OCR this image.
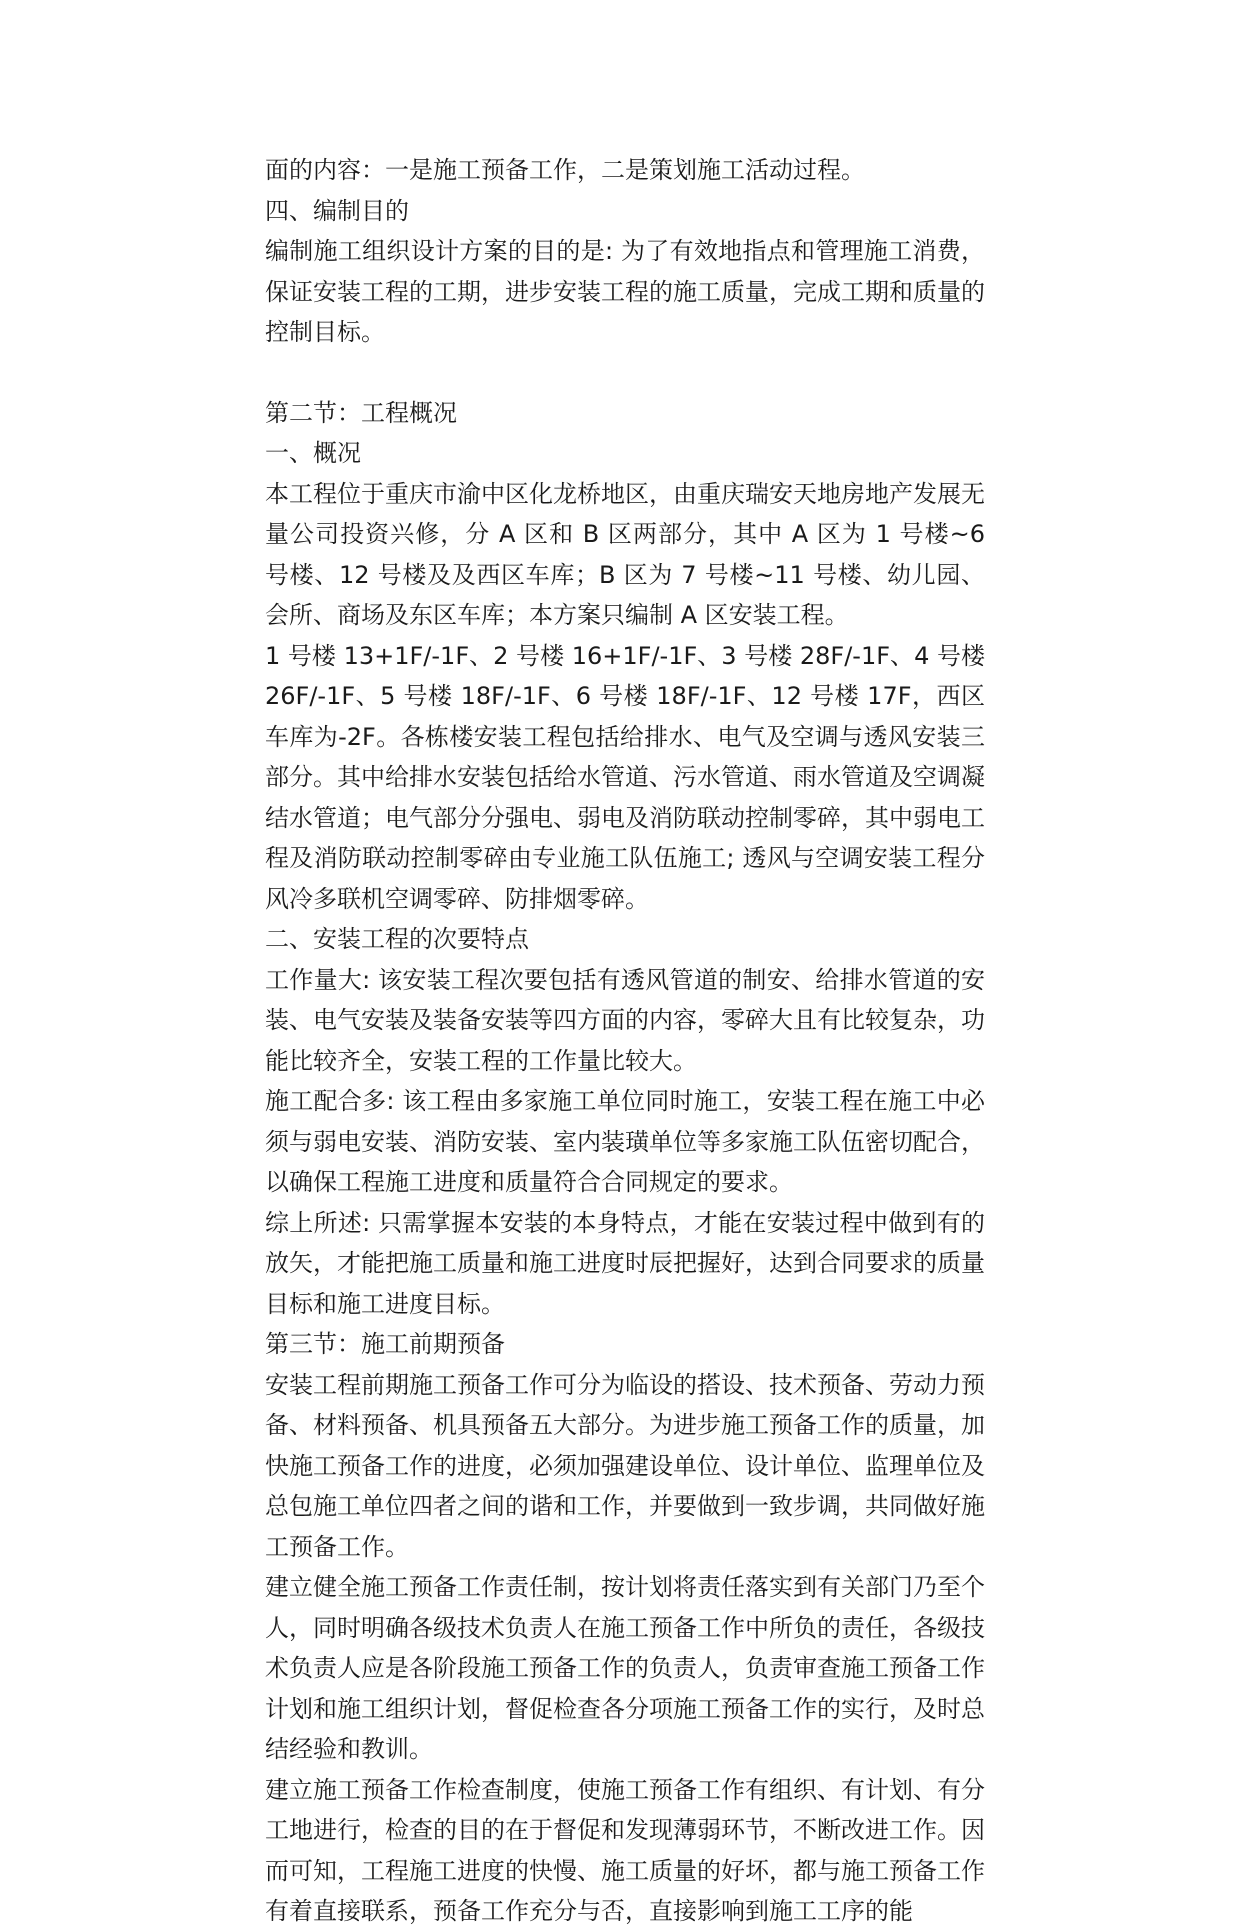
面的内容：一是施工预备工作，二是策划施工活动过程。

四、编制目的

编制施工组织设计方案的目的是: 为了有效地指点和管理施工消费，保证安装工程的工期，进步安装工程的施工质量，完成工期和质量的控制目标。

第二节：工程概况

一、概况

本工程位于重庆市渝中区化龙桥地区，由重庆瑞安天地房地产发展无量公司投资兴修，分 A 区和 B 区两部分，其中 A 区为 1 号楼~6 号楼、12 号楼及及西区车库；B 区为 7 号楼~11 号楼、幼儿园、会所、商场及东区车库；本方案只编制 A 区安装工程。

1 号楼 13+1F/-1F、2 号楼 16+1F/-1F、3 号楼 28F/-1F、4 号楼 26F/-1F、5 号楼 18F/-1F、6 号楼 18F/-1F、12 号楼 17F，西区车库为-2F。各栋楼安装工程包括给排水、电气及空调与透风安装三部分。其中给排水安装包括给水管道、污水管道、雨水管道及空调凝结水管道；电气部分分强电、弱电及消防联动控制零碎，其中弱电工程及消防联动控制零碎由专业施工队伍施工; 透风与空调安装工程分风冷多联机空调零碎、防排烟零碎。

二、安装工程的次要特点

工作量大: 该安装工程次要包括有透风管道的制安、给排水管道的安装、电气安装及装备安装等四方面的内容，零碎大且有比较复杂，功能比较齐全，安装工程的工作量比较大。

施工配合多: 该工程由多家施工单位同时施工，安装工程在施工中必须与弱电安装、消防安装、室内装璜单位等多家施工队伍密切配合，以确保工程施工进度和质量符合合同规定的要求。

综上所述: 只需掌握本安装的本身特点，才能在安装过程中做到有的放矢，才能把施工质量和施工进度时辰把握好，达到合同要求的质量目标和施工进度目标。

第三节：施工前期预备

安装工程前期施工预备工作可分为临设的搭设、技术预备、劳动力预备、材料预备、机具预备五大部分。为进步施工预备工作的质量，加快施工预备工作的进度，必须加强建设单位、设计单位、监理单位及总包施工单位四者之间的谐和工作，并要做到一致步调，共同做好施工预备工作。

建立健全施工预备工作责任制，按计划将责任落实到有关部门乃至个人，同时明确各级技术负责人在施工预备工作中所负的责任，各级技术负责人应是各阶段施工预备工作的负责人，负责审查施工预备工作计划和施工组织计划，督促检查各分项施工预备工作的实行，及时总结经验和教训。

建立施工预备工作检查制度，使施工预备工作有组织、有计划、有分工地进行，检查的目的在于督促和发现薄弱环节，不断改进工作。因而可知，工程施工进度的快慢、施工质量的好坏，都与施工预备工作有着直接联系，预备工作充分与否，直接影响到施工工序的能
